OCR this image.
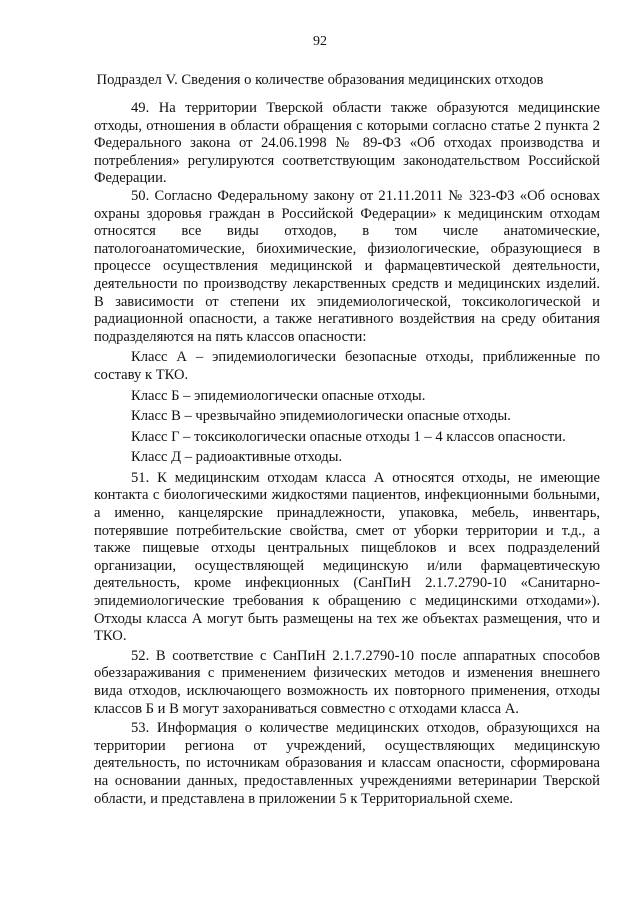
92
Подраздел V. Сведения о количестве образования медицинских отходов

49. На территории Тверской области также образуются медицинские отходы, отношения в области обращения с которыми согласно статье 2 пункта 2 Федерального закона от 24.06.1998 № 89-ФЗ «Об отходах производства и потребления» регулируются соответствующим законодательством Российской Федерации.

50. Согласно Федеральному закону от 21.11.2011 № 323-ФЗ «Об основах охраны здоровья граждан в Российской Федерации» к медицинским отходам относятся все виды отходов, в том числе анатомические, патологоанатомические, биохимические, физиологические, образующиеся в процессе осуществления медицинской и фармацевтической деятельности, деятельности по производству лекарственных средств и медицинских изделий. В зависимости от степени их эпидемиологической, токсикологической и радиационной опасности, а также негативного воздействия на среду обитания подразделяются на пять классов опасности:

Класс А – эпидемиологически безопасные отходы, приближенные по составу к ТКО.

Класс Б – эпидемиологически опасные отходы.

Класс В – чрезвычайно эпидемиологически опасные отходы.

Класс Г – токсикологически опасные отходы 1 – 4 классов опасности.

Класс Д – радиоактивные отходы.

51. К медицинским отходам класса А относятся отходы, не имеющие контакта с биологическими жидкостями пациентов, инфекционными больными, а именно, канцелярские принадлежности, упаковка, мебель, инвентарь, потерявшие потребительские свойства, смет от уборки территории и т.д., а также пищевые отходы центральных пищеблоков и всех подразделений организации, осуществляющей медицинскую и/или фармацевтическую деятельность, кроме инфекционных (СанПиН 2.1.7.2790-10 «Санитарно-эпидемиологические требования к обращению с медицинскими отходами»). Отходы класса А могут быть размещены на тех же объектах размещения, что и ТКО.

52. В соответствие с СанПиН 2.1.7.2790-10 после аппаратных способов обеззараживания с применением физических методов и изменения внешнего вида отходов, исключающего возможность их повторного применения, отходы классов Б и В могут захораниваться совместно с отходами класса А.

53. Информация о количестве медицинских отходов, образующихся на территории региона от учреждений, осуществляющих медицинскую деятельность, по источникам образования и классам опасности, сформирована на основании данных, предоставленных учреждениями ветеринарии Тверской области, и представлена в приложении 5 к Территориальной схеме.
